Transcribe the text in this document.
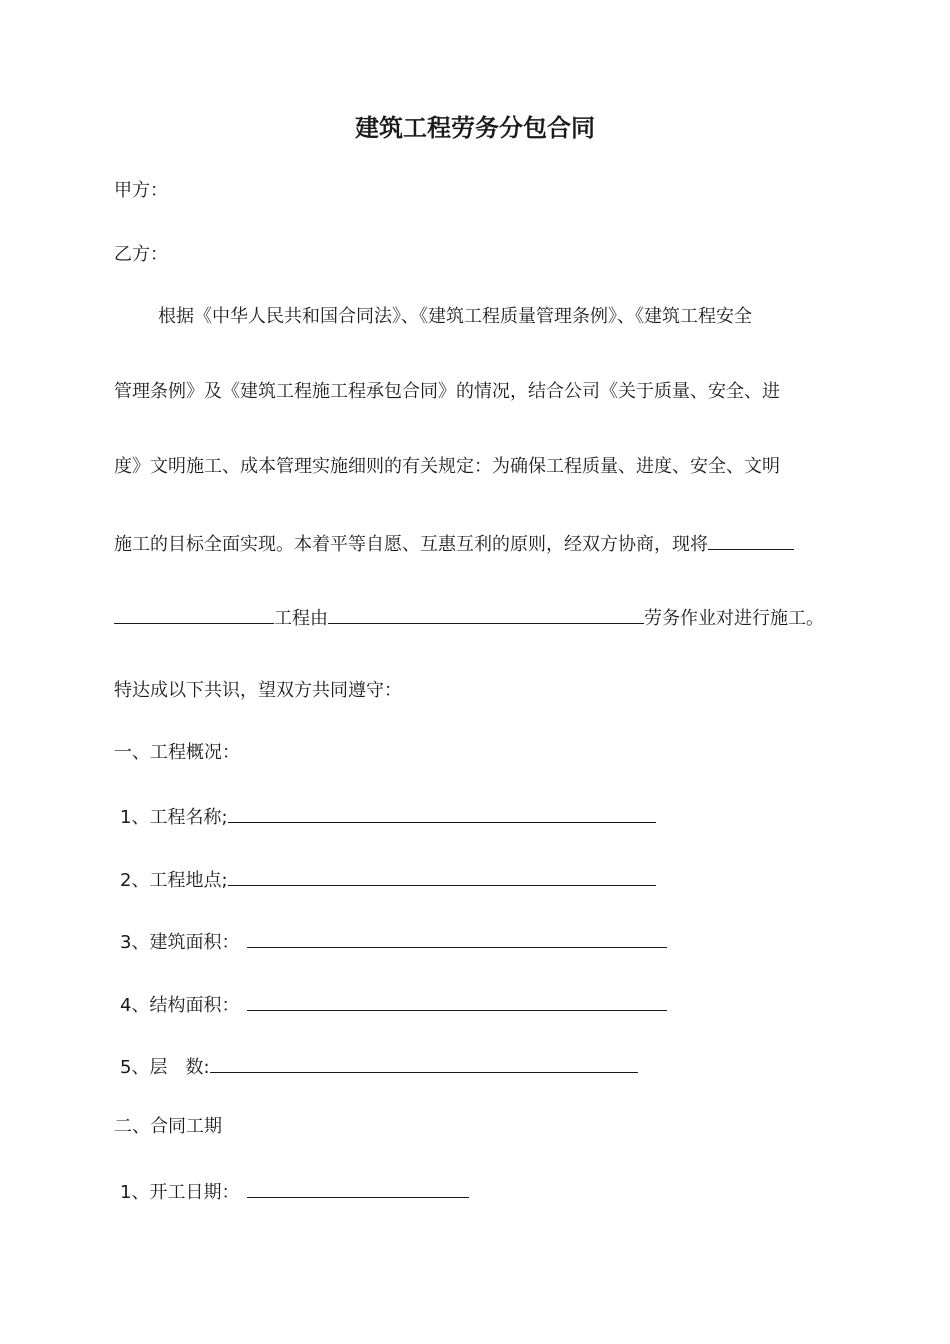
建筑工程劳务分包合同
甲方：
乙方：
根据《中华人民共和国合同法》、《建筑工程质量管理条例》、《建筑工程安全
管理条例》及《建筑工程施工程承包合同》的情况，结合公司《关于质量、安全、进
度》文明施工、成本管理实施细则的有关规定：为确保工程质量、进度、安全、文明
施工的目标全面实现。本着平等自愿、互惠互利的原则，经双方协商，现将
工程由	劳务作业对进行施工。
特达成以下共识，望双方共同遵守：
一、工程概况：
1、工程名称;
2、工程地点;
3、建筑面积：
4、结构面积：
5、层　数:
二、合同工期
1、开工日期：
